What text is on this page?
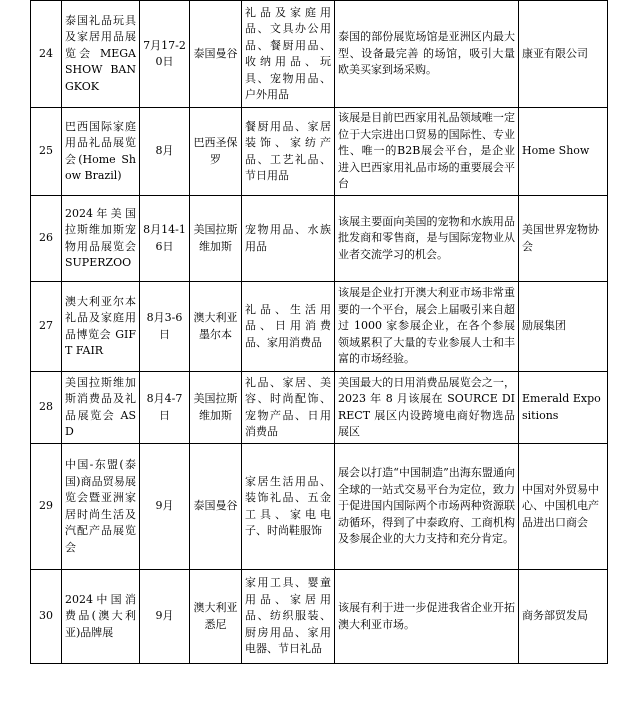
24	泰国礼品玩具及家居用品展览会 MEGA SHOW BANGKOK	7月17-20日	泰国曼谷	礼品及家庭用品、文具办公用品、餐厨用品、收纳用品、玩具、宠物用品、户外用品	泰国的部份展览场馆是亚洲区内最大型、设备最完善 的场馆，吸引大量欧美买家到场采购。	康亚有限公司
25	巴西国际家庭用品礼品展览会(Home Show Brazil)	8月	巴西圣保罗	餐厨用品、家居装饰、家纺产品、工艺礼品、节日用品	该展是目前巴西家用礼品领域唯一定位于大宗进出口贸易的国际性、专业性、唯一的B2B展会平台，是企业进入巴西家用礼品市场的重要展会平台	Home Show
26	2024年美国拉斯维加斯宠物用品展览会 SUPERZOO	8月14-16日	美国拉斯维加斯	宠物用品、水族用品	该展主要面向美国的宠物和水族用品批发商和零售商，是与国际宠物业从业者交流学习的机会。	美国世界宠物协会
27	澳大利亚尔本礼品及家庭用品博览会 GIFT FAIR	8月3-6日	澳大利亚墨尔本	礼品、生活用品、日用消费品、家用消费品	该展是企业打开澳大利亚市场非常重要的一个平台，展会上届吸引来自超过 1000 家参展企业，在各个参展领域累积了大量的专业参展人士和丰富的市场经验。	励展集团
28	美国拉斯维加斯消费品及礼品展览会 ASD	8月4-7日	美国拉斯维加斯	礼品、家居、美容、时尚配饰、宠物产品、日用消费品	美国最大的日用消费品展览会之一，2023 年 8 月该展在 SOURCE DIRECT 展区内设跨境电商好物选品展区	Emerald Expositions
29	中国-东盟(泰国)商品贸易展览会暨亚洲家居时尚生活及汽配产品展览会	9月	泰国曼谷	家居生活用品、装饰礼品、五金工具、家电电子、时尚鞋服饰	展会以打造“中国制造”出海东盟通向全球的一站式交易平台为定位，致力于促进国内国际两个市场两种资源联动循环，得到了中泰政府、工商机构及参展企业的大力支持和充分肯定。	中国对外贸易中心、中国机电产品进出口商会
30	2024中国消费品(澳大利亚)品牌展	9月	澳大利亚悉尼	家用工具、婴童用品、家居用品、纺织服装、厨房用品、家用电器、节日礼品	该展有利于进一步促进我省企业开拓澳大利亚市场。	商务部贸发局
